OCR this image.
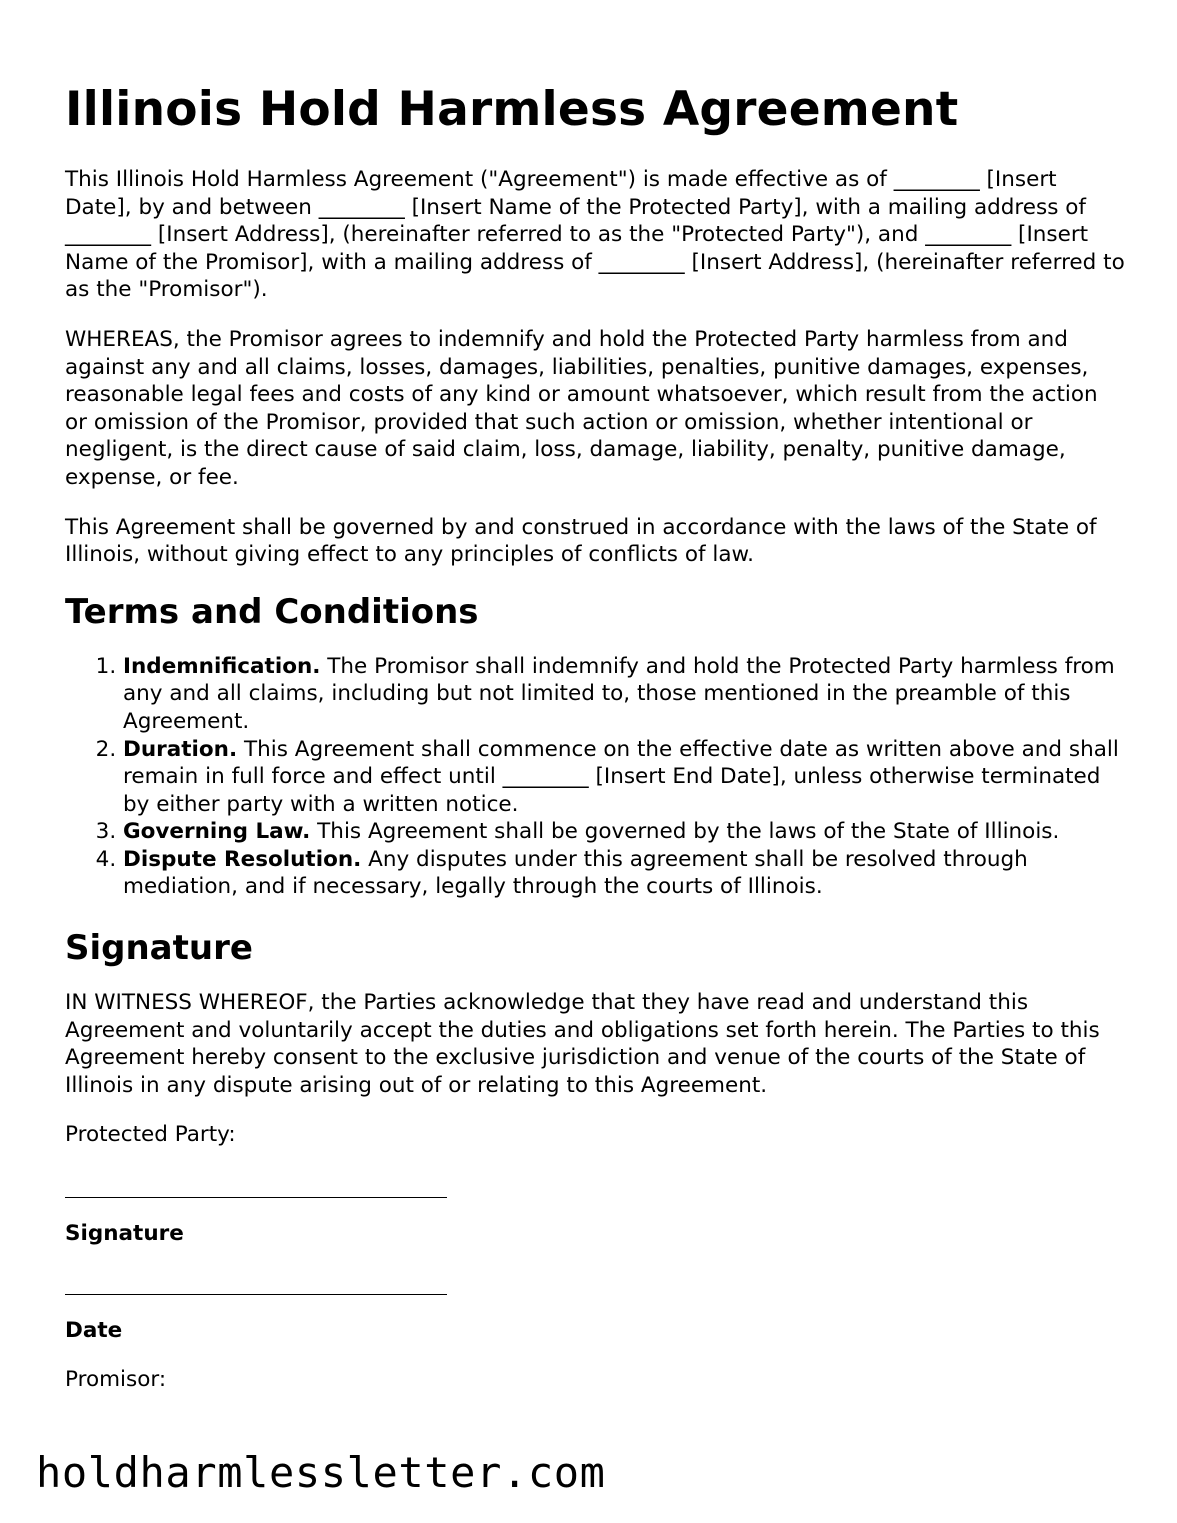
Illinois Hold Harmless Agreement

This Illinois Hold Harmless Agreement ("Agreement") is made effective as of ________ [Insert Date], by and between ________ [Insert Name of the Protected Party], with a mailing address of ________ [Insert Address], (hereinafter referred to as the "Protected Party"), and ________ [Insert Name of the Promisor], with a mailing address of ________ [Insert Address], (hereinafter referred to as the "Promisor").

WHEREAS, the Promisor agrees to indemnify and hold the Protected Party harmless from and against any and all claims, losses, damages, liabilities, penalties, punitive damages, expenses, reasonable legal fees and costs of any kind or amount whatsoever, which result from the action or omission of the Promisor, provided that such action or omission, whether intentional or negligent, is the direct cause of said claim, loss, damage, liability, penalty, punitive damage, expense, or fee.

This Agreement shall be governed by and construed in accordance with the laws of the State of Illinois, without giving effect to any principles of conflicts of law.

Terms and Conditions
1. Indemnification. The Promisor shall indemnify and hold the Protected Party harmless from any and all claims, including but not limited to, those mentioned in the preamble of this Agreement.
2. Duration. This Agreement shall commence on the effective date as written above and shall remain in full force and effect until ________ [Insert End Date], unless otherwise terminated by either party with a written notice.
3. Governing Law. This Agreement shall be governed by the laws of the State of Illinois.
4. Dispute Resolution. Any disputes under this agreement shall be resolved through mediation, and if necessary, legally through the courts of Illinois.
Signature

IN WITNESS WHEREOF, the Parties acknowledge that they have read and understand this Agreement and voluntarily accept the duties and obligations set forth herein. The Parties to this Agreement hereby consent to the exclusive jurisdiction and venue of the courts of the State of Illinois in any dispute arising out of or relating to this Agreement.

Protected Party:

Signature

Date

Promisor:

holdharmlessletter.com
